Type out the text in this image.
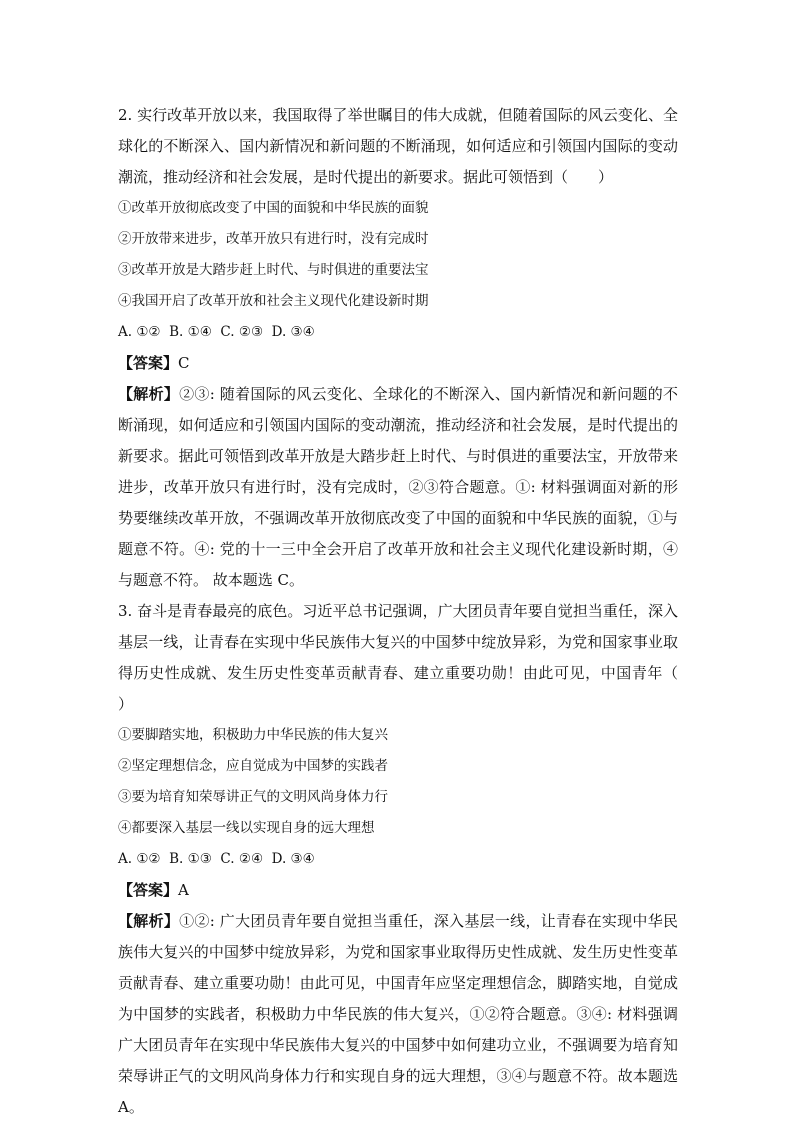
2. 实行改革开放以来，我国取得了举世瞩目的伟大成就，但随着国际的风云变化、全球化的不断深入、国内新情况和新问题的不断涌现，如何适应和引领国内国际的变动潮流，推动经济和社会发展，是时代提出的新要求。据此可领悟到（　　）

①改革开放彻底改变了中国的面貌和中华民族的面貌

②开放带来进步，改革开放只有进行时，没有完成时

③改革开放是大踏步赶上时代、与时俱进的重要法宝

④我国开启了改革开放和社会主义现代化建设新时期

A. ①②  B. ①④  C. ②③  D. ③④

【答案】C

【解析】②③: 随着国际的风云变化、全球化的不断深入、国内新情况和新问题的不断涌现，如何适应和引领国内国际的变动潮流，推动经济和社会发展，是时代提出的新要求。据此可领悟到改革开放是大踏步赶上时代、与时俱进的重要法宝，开放带来进步，改革开放只有进行时，没有完成时，②③符合题意。①: 材料强调面对新的形势要继续改革开放，不强调改革开放彻底改变了中国的面貌和中华民族的面貌，①与题意不符。④: 党的十一三中全会开启了改革开放和社会主义现代化建设新时期，④与题意不符。 故本题选 C。

3. 奋斗是青春最亮的底色。习近平总书记强调，广大团员青年要自觉担当重任，深入基层一线，让青春在实现中华民族伟大复兴的中国梦中绽放异彩，为党和国家事业取得历史性成就、发生历史性变革贡献青春、建立重要功勋！由此可见，中国青年（　　）

①要脚踏实地，积极助力中华民族的伟大复兴

②坚定理想信念，应自觉成为中国梦的实践者

③要为培育知荣辱讲正气的文明风尚身体力行

④都要深入基层一线以实现自身的远大理想

A. ①②  B. ①③  C. ②④  D. ③④

【答案】A

【解析】①②: 广大团员青年要自觉担当重任，深入基层一线，让青春在实现中华民族伟大复兴的中国梦中绽放异彩，为党和国家事业取得历史性成就、发生历史性变革贡献青春、建立重要功勋！由此可见，中国青年应坚定理想信念，脚踏实地，自觉成为中国梦的实践者，积极助力中华民族的伟大复兴，①②符合题意。③④: 材料强调广大团员青年在实现中华民族伟大复兴的中国梦中如何建功立业，不强调要为培育知荣辱讲正气的文明风尚身体力行和实现自身的远大理想，③④与题意不符。故本题选 A。
